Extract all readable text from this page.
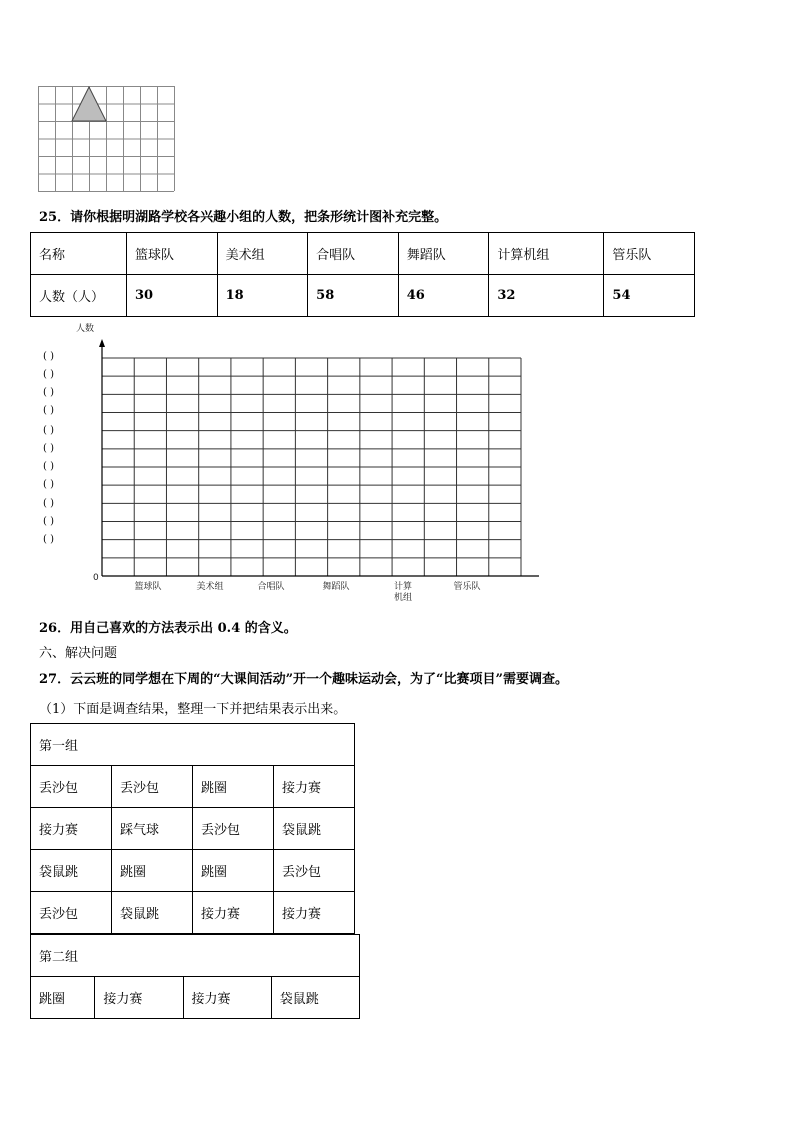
25．请你根据明湖路学校各兴趣小组的人数，把条形统计图补充完整。
名称	篮球队	美术组	合唱队	舞蹈队	计算机组	管乐队
人数（人）	30	18	58	46	32	54
人数
0
( )
( )
( )
( )
( )
( )
( )
( )
( )
( )
( )
篮球队	美术组	合唱队	舞蹈队	计算
机组
管乐队
26．用自己喜欢的方法表示出 0.4 的含义。
六、解决问题
27．云云班的同学想在下周的“大课间活动”开一个趣味运动会，为了“比赛项目”需要调查。
（1）下面是调查结果，整理一下并把结果表示出来。
第一组			
丢沙包	丢沙包	跳圈	接力赛
接力赛	踩气球	丢沙包	袋鼠跳
袋鼠跳	跳圈	跳圈	丢沙包
丢沙包	袋鼠跳	接力赛	接力赛
第二组
跳圈	接力赛	接力赛	袋鼠跳
